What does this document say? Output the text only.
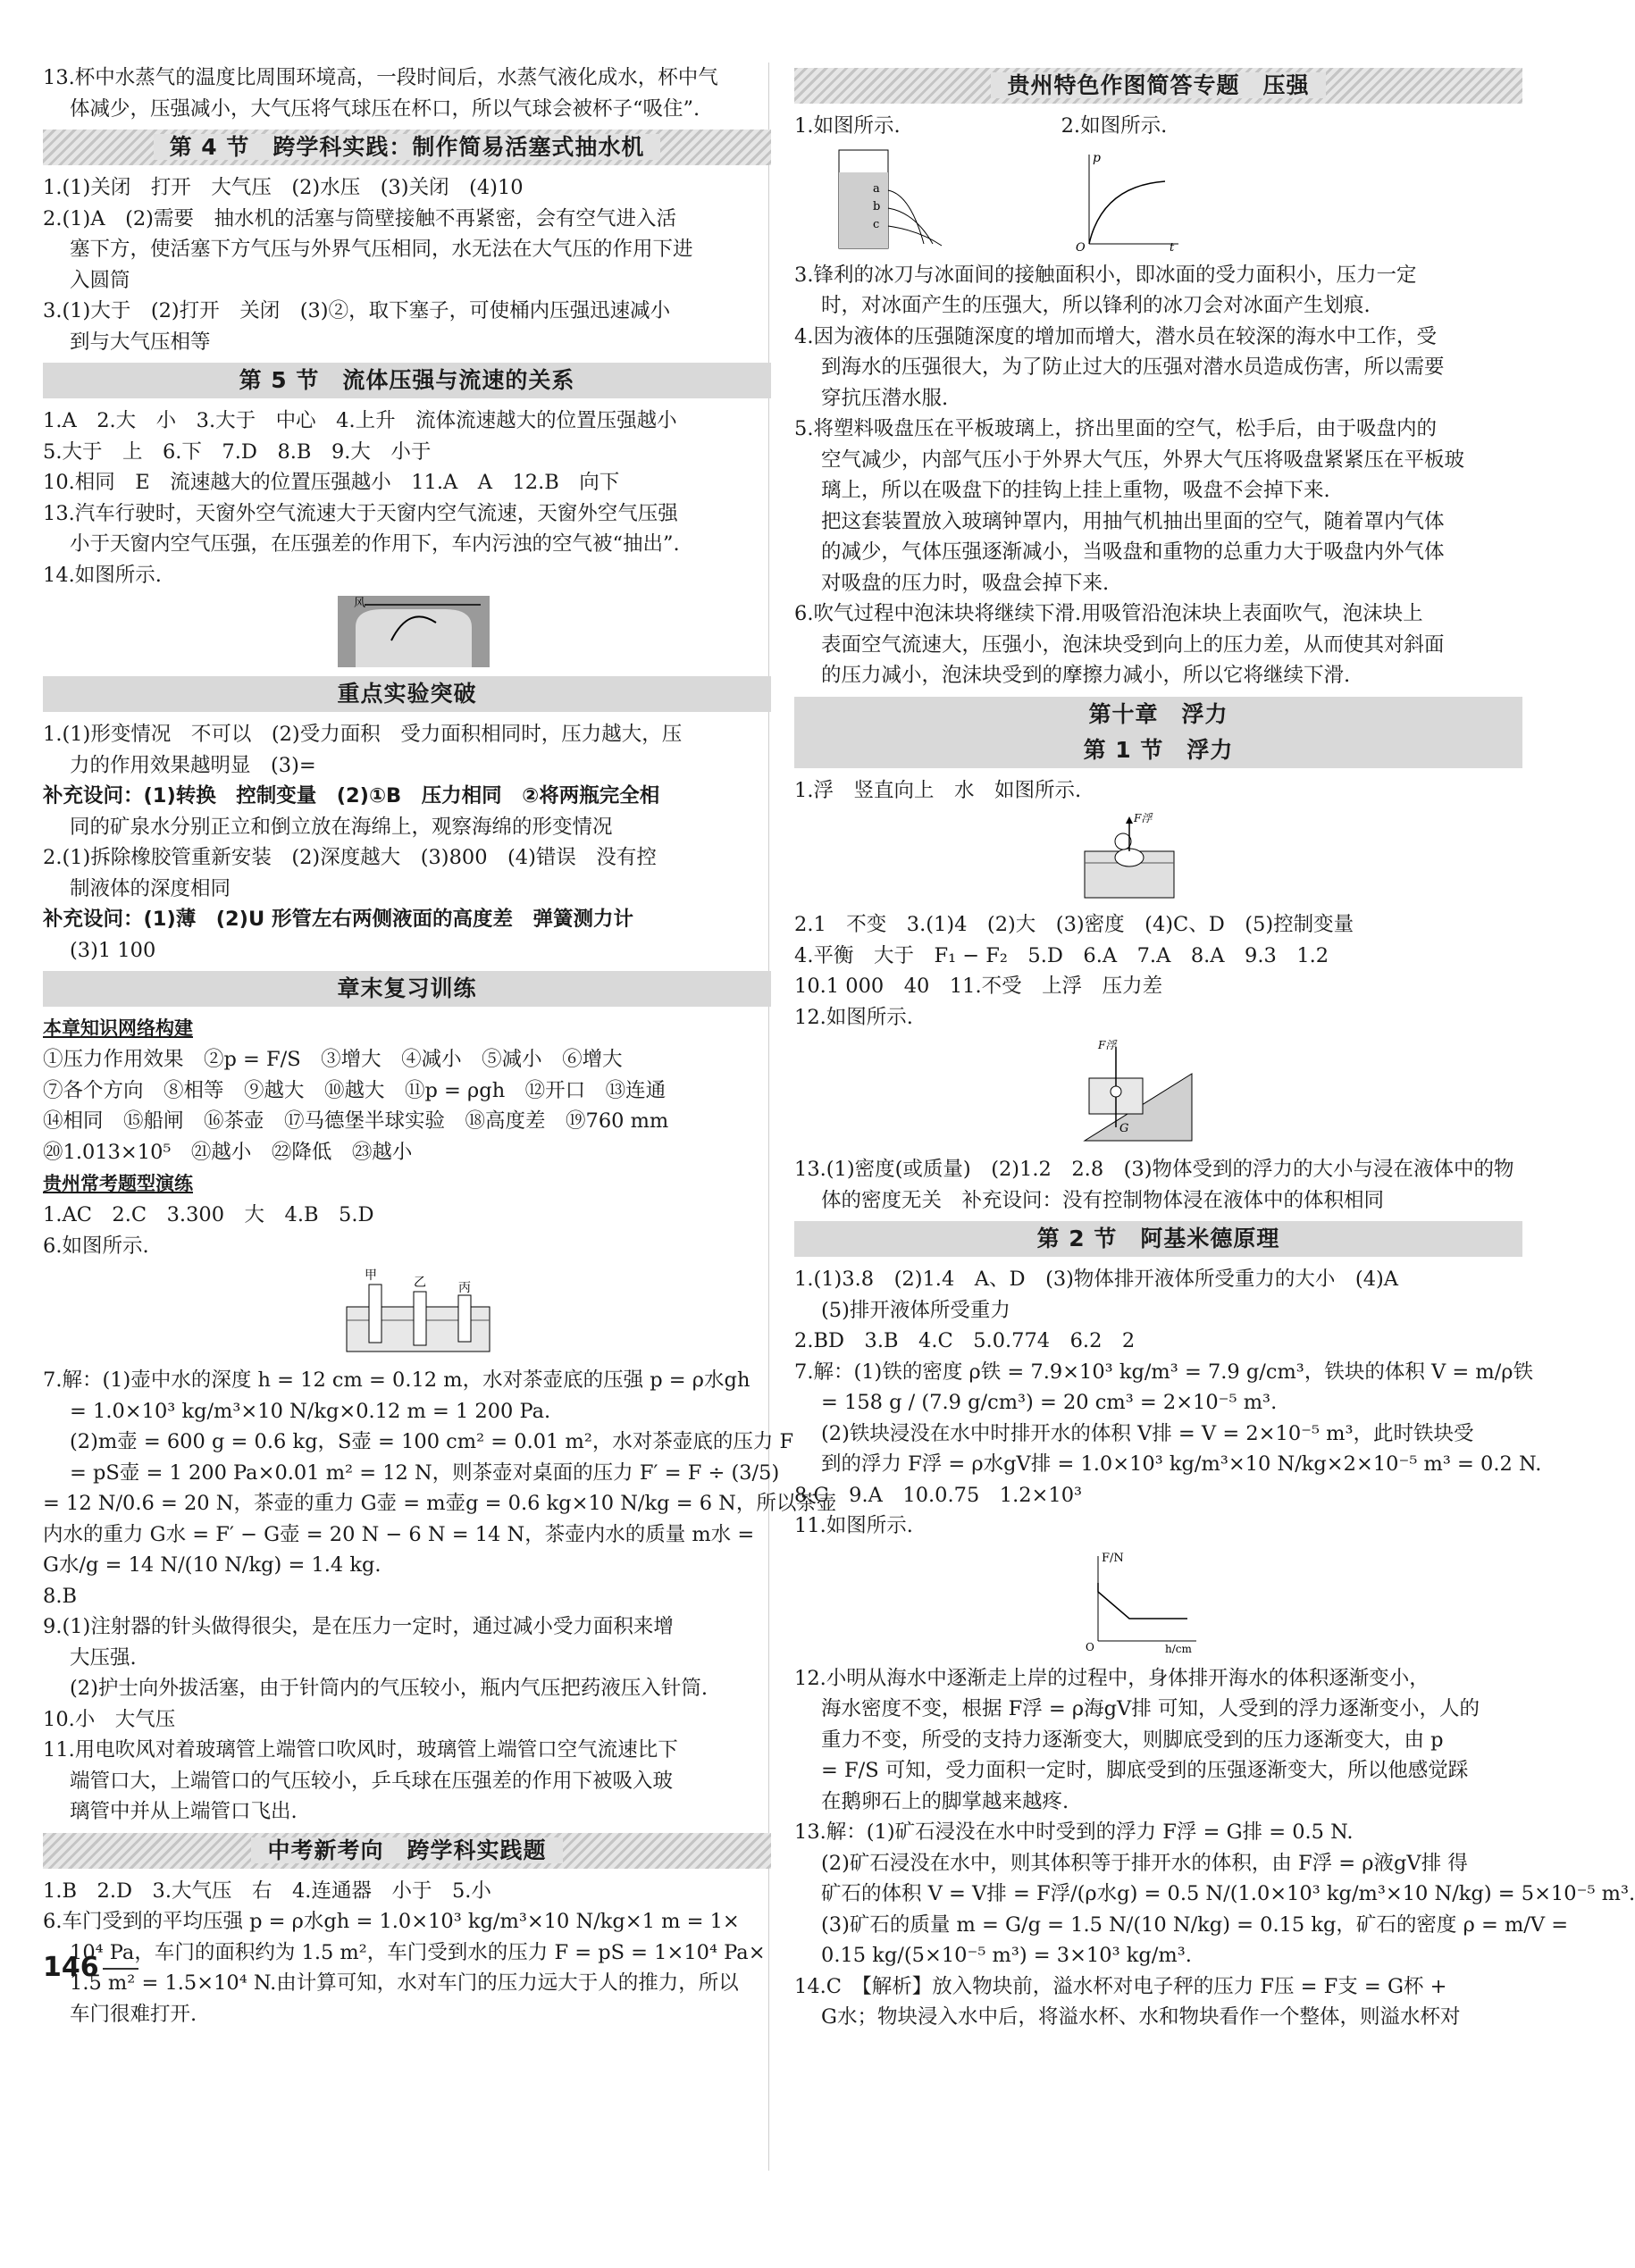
13.杯中水蒸气的温度比周围环境高，一段时间后，水蒸气液化成水，杯中气
体减少，压强减小，大气压将气球压在杯口，所以气球会被杯子“吸住”.
第 4 节　跨学科实践：制作简易活塞式抽水机
1.(1)关闭　打开　大气压　(2)水压　(3)关闭　(4)10
2.(1)A　(2)需要　抽水机的活塞与筒壁接触不再紧密，会有空气进入活
塞下方，使活塞下方气压与外界气压相同，水无法在大气压的作用下进
入圆筒
3.(1)大于　(2)打开　关闭　(3)②，取下塞子，可使桶内压强迅速减小
到与大气压相等
第 5 节　流体压强与流速的关系
1.A　2.大　小　3.大于　中心　4.上升　流体流速越大的位置压强越小
5.大于　上　6.下　7.D　8.B　9.大　小于
10.相同　E　流速越大的位置压强越小　11.A　A　12.B　向下
13.汽车行驶时，天窗外空气流速大于天窗内空气流速，天窗外空气压强
小于天窗内空气压强，在压强差的作用下，车内污浊的空气被“抽出”.
14.如图所示.
风
重点实验突破
1.(1)形变情况　不可以　(2)受力面积　受力面积相同时，压力越大，压
力的作用效果越明显　(3)=
补充设问：(1)转换　控制变量　(2)①B　压力相同　②将两瓶完全相
同的矿泉水分别正立和倒立放在海绵上，观察海绵的形变情况
2.(1)拆除橡胶管重新安装　(2)深度越大　(3)800　(4)错误　没有控
制液体的深度相同
补充设问：(1)薄　(2)U 形管左右两侧液面的高度差　弹簧测力计
(3)1 100
章末复习训练
本章知识网络构建
①压力作用效果　②p = F/S　③增大　④减小　⑤减小　⑥增大
⑦各个方向　⑧相等　⑨越大　⑩越大　⑪p = ρgh　⑫开口　⑬连通
⑭相同　⑮船闸　⑯茶壶　⑰马德堡半球实验　⑱高度差　⑲760 mm
⑳1.013×10⁵　㉑越小　㉒降低　㉓越小
贵州常考题型演练
1.AC　2.C　3.300　大　4.B　5.D
6.如图所示.
甲	乙	丙
7.解：(1)壶中水的深度 h = 12 cm = 0.12 m，水对茶壶底的压强 p = ρ水gh
= 1.0×10³ kg/m³×10 N/kg×0.12 m = 1 200 Pa.
(2)m壶 = 600 g = 0.6 kg，S壶 = 100 cm² = 0.01 m²，水对茶壶底的压力 F
= pS壶 = 1 200 Pa×0.01 m² = 12 N，则茶壶对桌面的压力 F′ = F ÷ (3/5)
= 12 N/0.6 = 20 N，茶壶的重力 G壶 = m壶g = 0.6 kg×10 N/kg = 6 N，所以茶壶
内水的重力 G水 = F′ − G壶 = 20 N − 6 N = 14 N，茶壶内水的质量 m水 =
G水/g = 14 N/(10 N/kg) = 1.4 kg.
8.B
9.(1)注射器的针头做得很尖，是在压力一定时，通过减小受力面积来增
大压强.
(2)护士向外拔活塞，由于针筒内的气压较小，瓶内气压把药液压入针筒.
10.小　大气压
11.用电吹风对着玻璃管上端管口吹风时，玻璃管上端管口空气流速比下
端管口大，上端管口的气压较小，乒乓球在压强差的作用下被吸入玻
璃管中并从上端管口飞出.
中考新考向　跨学科实践题
1.B　2.D　3.大气压　右　4.连通器　小于　5.小
6.车门受到的平均压强 p = ρ水gh = 1.0×10³ kg/m³×10 N/kg×1 m = 1×
10⁴ Pa，车门的面积约为 1.5 m²，车门受到水的压力 F = pS = 1×10⁴ Pa×
1.5 m² = 1.5×10⁴ N.由计算可知，水对车门的压力远大于人的推力，所以
车门很难打开.
146
贵州特色作图简答专题　压强
1.如图所示.　　　　　　　　2.如图所示.
a
b
c
p
O	t
3.锋利的冰刀与冰面间的接触面积小，即冰面的受力面积小，压力一定
时，对冰面产生的压强大，所以锋利的冰刀会对冰面产生划痕.
4.因为液体的压强随深度的增加而增大，潜水员在较深的海水中工作，受
到海水的压强很大，为了防止过大的压强对潜水员造成伤害，所以需要
穿抗压潜水服.
5.将塑料吸盘压在平板玻璃上，挤出里面的空气，松手后，由于吸盘内的
空气减少，内部气压小于外界大气压，外界大气压将吸盘紧紧压在平板玻
璃上，所以在吸盘下的挂钩上挂上重物，吸盘不会掉下来.
把这套装置放入玻璃钟罩内，用抽气机抽出里面的空气，随着罩内气体
的减少，气体压强逐渐减小，当吸盘和重物的总重力大于吸盘内外气体
对吸盘的压力时，吸盘会掉下来.
6.吹气过程中泡沫块将继续下滑.用吸管沿泡沫块上表面吹气，泡沫块上
表面空气流速大，压强小，泡沫块受到向上的压力差，从而使其对斜面
的压力减小，泡沫块受到的摩擦力减小，所以它将继续下滑.
第十章　浮力
第 1 节　浮力
1.浮　竖直向上　水　如图所示.
F浮
2.1　不变　3.(1)4　(2)大　(3)密度　(4)C、D　(5)控制变量
4.平衡　大于　F₁ − F₂　5.D　6.A　7.A　8.A　9.3　1.2
10.1 000　40　11.不受　上浮　压力差
12.如图所示.
F浮
G
13.(1)密度(或质量)　(2)1.2　2.8　(3)物体受到的浮力的大小与浸在液体中的物
体的密度无关　补充设问：没有控制物体浸在液体中的体积相同
第 2 节　阿基米德原理
1.(1)3.8　(2)1.4　A、D　(3)物体排开液体所受重力的大小　(4)A
(5)排开液体所受重力
2.BD　3.B　4.C　5.0.774　6.2　2
7.解：(1)铁的密度 ρ铁 = 7.9×10³ kg/m³ = 7.9 g/cm³，铁块的体积 V = m/ρ铁
= 158 g / (7.9 g/cm³) = 20 cm³ = 2×10⁻⁵ m³.
(2)铁块浸没在水中时排开水的体积 V排 = V = 2×10⁻⁵ m³，此时铁块受
到的浮力 F浮 = ρ水gV排 = 1.0×10³ kg/m³×10 N/kg×2×10⁻⁵ m³ = 0.2 N.
8.C　9.A　10.0.75　1.2×10³
11.如图所示.
F/N
O	h/cm
12.小明从海水中逐渐走上岸的过程中，身体排开海水的体积逐渐变小，
海水密度不变，根据 F浮 = ρ海gV排 可知，人受到的浮力逐渐变小，人的
重力不变，所受的支持力逐渐变大，则脚底受到的压力逐渐变大，由 p
= F/S 可知，受力面积一定时，脚底受到的压强逐渐变大，所以他感觉踩
在鹅卵石上的脚掌越来越疼.
13.解：(1)矿石浸没在水中时受到的浮力 F浮 = G排 = 0.5 N.
(2)矿石浸没在水中，则其体积等于排开水的体积，由 F浮 = ρ液gV排 得
矿石的体积 V = V排 = F浮/(ρ水g) = 0.5 N/(1.0×10³ kg/m³×10 N/kg) = 5×10⁻⁵ m³.
(3)矿石的质量 m = G/g = 1.5 N/(10 N/kg) = 0.15 kg，矿石的密度 ρ = m/V =
0.15 kg/(5×10⁻⁵ m³) = 3×10³ kg/m³.
14.C　【解析】放入物块前，溢水杯对电子秤的压力 F压 = F支 = G杯 +
G水；物块浸入水中后，将溢水杯、水和物块看作一个整体，则溢水杯对
